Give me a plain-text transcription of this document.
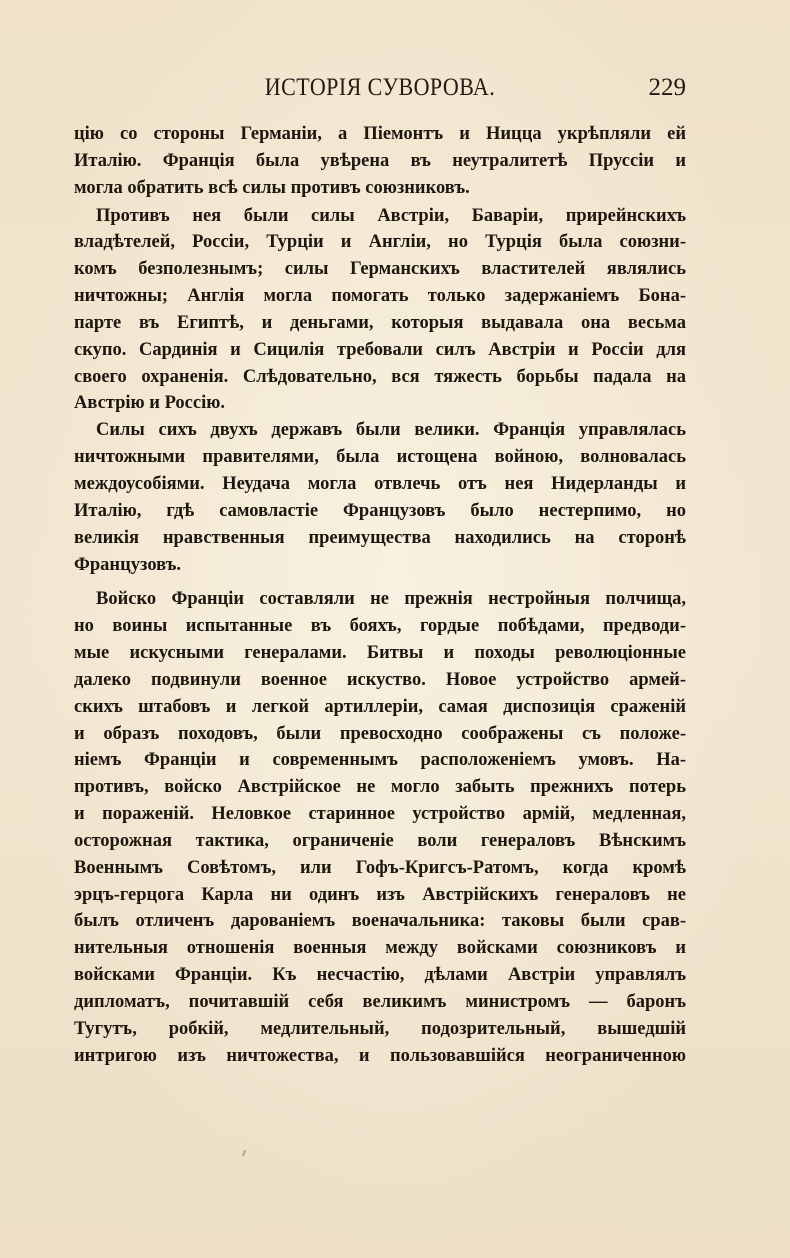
ИСТОРІЯ СУВОРОВА.	229
цію со стороны Германіи, а Піемонтъ и Ницца укрѣпляли ей
Италію. Франція была увѣрена въ неутралитетѣ Пруссіи и
могла обратить всѣ силы противъ союзниковъ.
Противъ нея были силы Австріи, Баваріи, прирейнскихъ
владѣтелей, Россіи, Турціи и Англіи, но Турція была союзни-
комъ безполезнымъ; силы Германскихъ властителей являлись
ничтожны; Англія могла помогать только задержаніемъ Бона-
парте въ Египтѣ, и деньгами, которыя выдавала она весьма
скупо. Сардинія и Сицилія требовали силъ Австріи и Россіи для
своего охраненія. Слѣдовательно, вся тяжесть борьбы падала на
Австрію и Россію.
Силы сихъ двухъ державъ были велики. Франція управлялась
ничтожными правителями, была истощена войною, волновалась
междоусобіями. Неудача могла отвлечь отъ нея Нидерланды и
Италію, гдѣ самовластіе Французовъ было нестерпимо, но
великія нравственныя преимущества находились на сторонѣ
Французовъ.
Войско Франціи составляли не прежнія нестройныя полчища,
но воины испытанные въ бояхъ, гордые побѣдами, предводи-
мые искусными генералами. Битвы и походы революціонные
далеко подвинули военное искуство. Новое устройство армей-
скихъ штабовъ и легкой артиллеріи, самая диспозиція сраженій
и образъ походовъ, были превосходно соображены съ положе-
ніемъ Франціи и современнымъ расположеніемъ умовъ. На-
противъ, войско Австрійское не могло забыть прежнихъ потерь
и пораженій. Неловкое старинное устройство армій, медленная,
осторожная тактика, ограниченіе воли генераловъ Вѣнскимъ
Военнымъ Совѣтомъ, или Гофъ-Кригсъ-Ратомъ, когда кромѣ
эрцъ-герцога Карла ни одинъ изъ Австрійскихъ генераловъ не
былъ отличенъ дарованіемъ военачальника: таковы были срав-
нительныя отношенія военныя между войсками союзниковъ и
войсками Франціи. Къ несчастію, дѣлами Австріи управлялъ
дипломатъ, почитавшій себя великимъ министромъ — баронъ
Тугутъ, робкій, медлительный, подозрительный, вышедшій
интригою изъ ничтожества, и пользовавшійся неограниченною
